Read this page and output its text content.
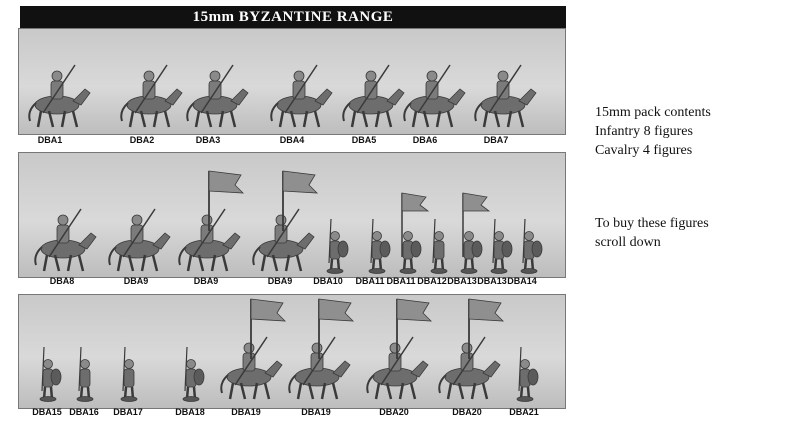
15mm BYZANTINE RANGE
DBA1	DBA2	DBA3	DBA4	DBA5	DBA6	DBA7
DBA8	DBA9	DBA9	DBA9 DBA10 DBA11 DBA11 DBA12 DBA13 DBA13 DBA14
DBA15 DBA16 DBA17	DBA18	DBA19	DBA19	DBA20	DBA20	DBA21
15mm pack contents
Infantry 8 figures
Cavalry 4 figures
To buy these figures
scroll down
